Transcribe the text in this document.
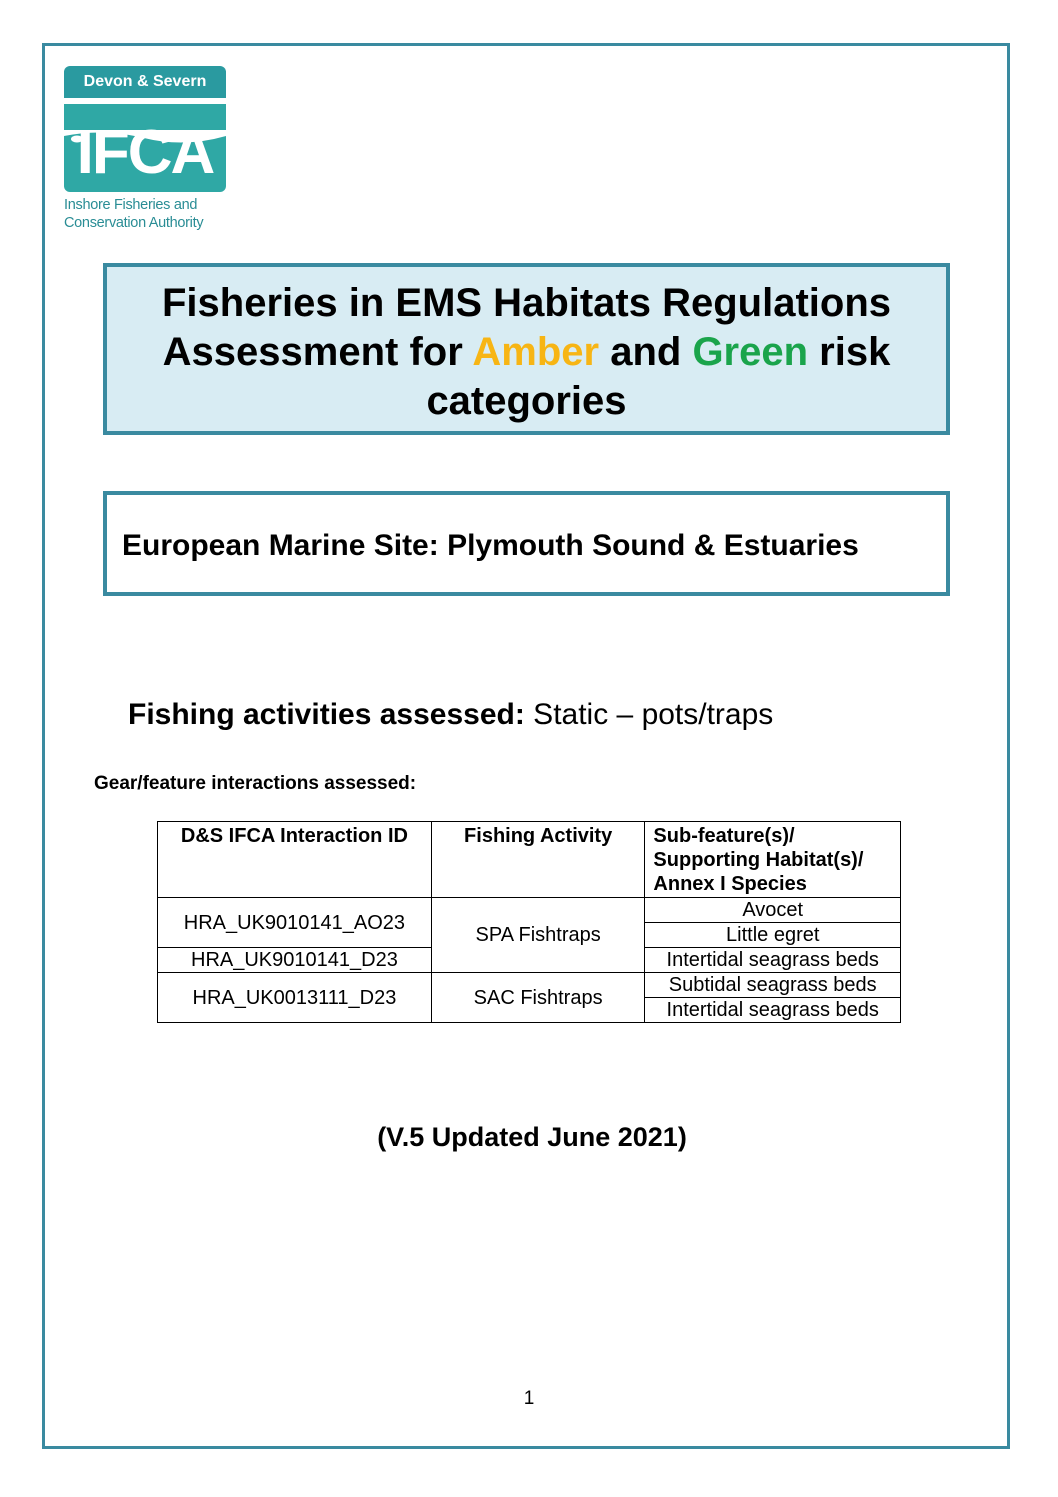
Devon & Severn
IFCA
Inshore Fisheries and
Conservation Authority
Fisheries in EMS Habitats Regulations
Assessment for Amber and Green risk
categories
European Marine Site: Plymouth Sound & Estuaries
Fishing activities assessed: Static – pots/traps
Gear/feature interactions assessed:
D&S IFCA Interaction ID	Fishing Activity	Sub-feature(s)/ Supporting Habitat(s)/ Annex I Species
HRA_UK9010141_AO23	SPA Fishtraps	Avocet
		Little egret
HRA_UK9010141_D23		Intertidal seagrass beds
HRA_UK0013111_D23	SAC Fishtraps	Subtidal seagrass beds
		Intertidal seagrass beds
(V.5 Updated June 2021)
1
